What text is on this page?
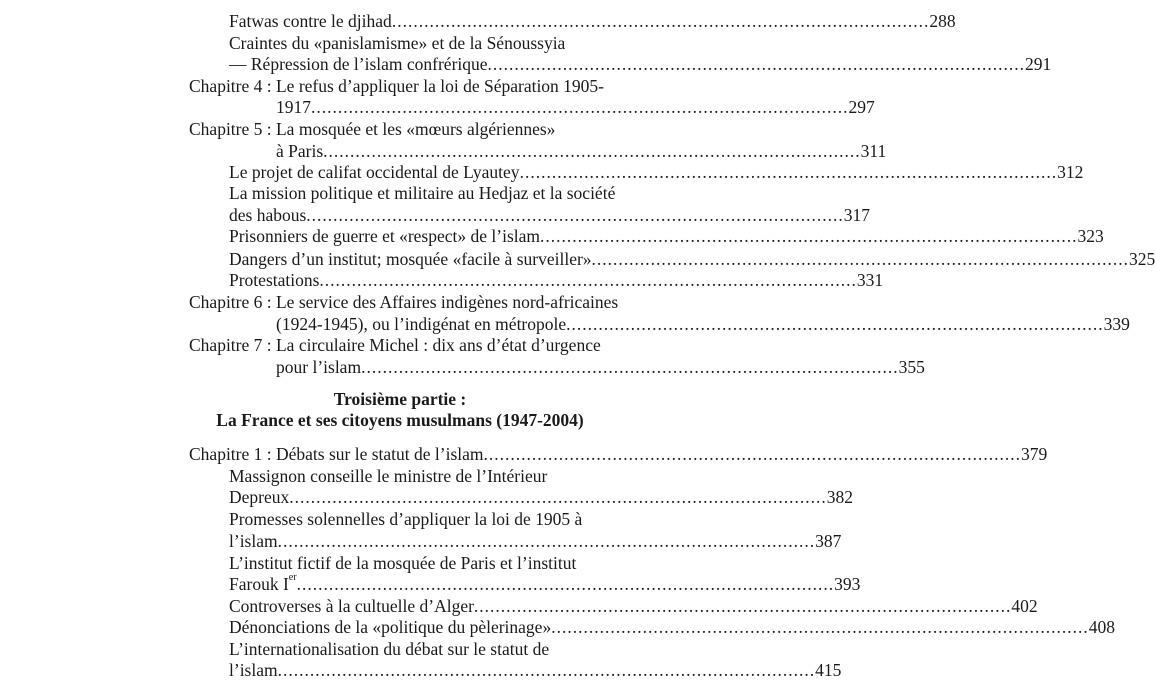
Fatwas contre le djihad .................................................................................................... 288
Craintes du «panislamisme» et de la Sénoussyia
— Répression de l’islam confrérique .................................................................................................... 291
Chapitre 4 : Le refus d’appliquer la loi de Séparation 1905-
1917 .................................................................................................... 297
Chapitre 5 : La mosquée et les «mœurs algériennes»
à Paris .................................................................................................... 311
Le projet de califat occidental de Lyautey .................................................................................................... 312
La mission politique et militaire au Hedjaz et la société
des habous .................................................................................................... 317
Prisonniers de guerre et «respect» de l’islam .................................................................................................... 323
Dangers d’un institut; mosquée «facile à surveiller» .................................................................................................... 325
Protestations .................................................................................................... 331
Chapitre 6 : Le service des Affaires indigènes nord-africaines
(1924-1945), ou l’indigénat en métropole .................................................................................................... 339
Chapitre 7 : La circulaire Michel : dix ans d’état d’urgence
pour l’islam .................................................................................................... 355
Troisième partie :
La France et ses citoyens musulmans (1947-2004)
Chapitre 1 : Débats sur le statut de l’islam .................................................................................................... 379
Massignon conseille le ministre de l’Intérieur
Depreux .................................................................................................... 382
Promesses solennelles d’appliquer la loi de 1905 à
l’islam .................................................................................................... 387
L’institut fictif de la mosquée de Paris et l’institut
Farouk Ier .................................................................................................... 393
Controverses à la cultuelle d’Alger .................................................................................................... 402
Dénonciations de la «politique du pèlerinage» .................................................................................................... 408
L’internationalisation du débat sur le statut de
l’islam .................................................................................................... 415
